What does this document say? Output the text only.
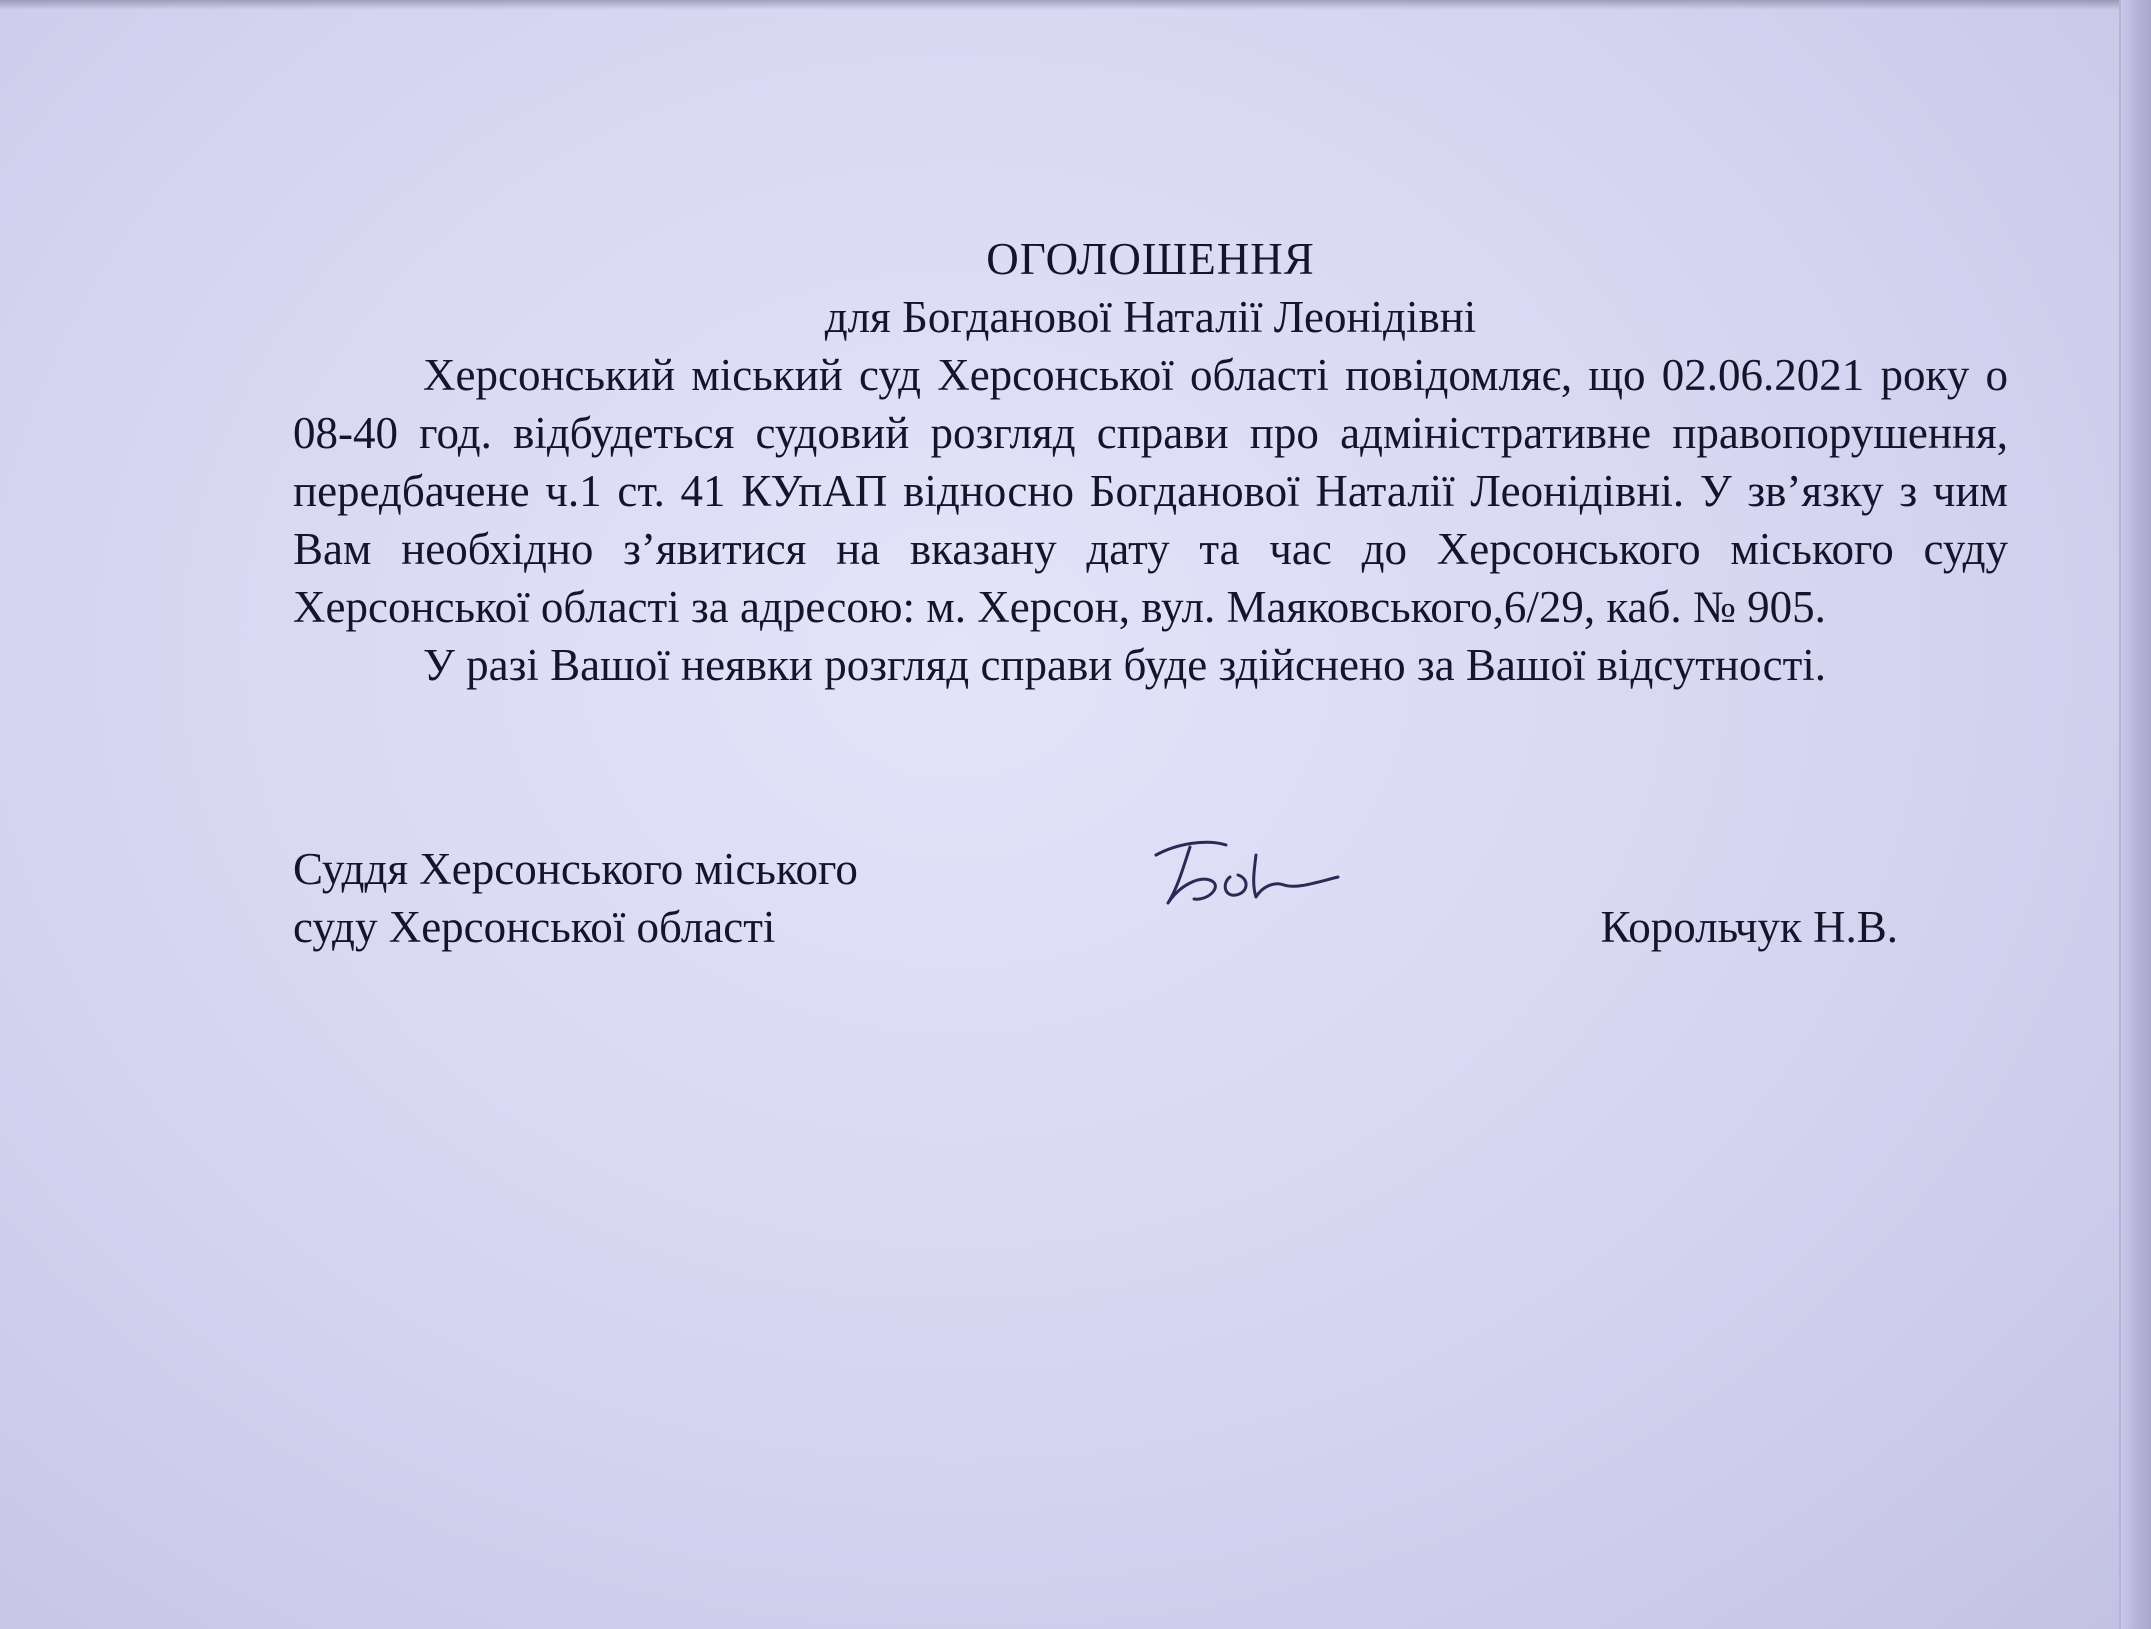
ОГОЛОШЕННЯ

для Богданової Наталії Леонідівні

Херсонський міський суд Херсонської області повідомляє, що 02.06.2021 року о 08-40 год. відбудеться судовий розгляд справи про адміністративне правопорушення, передбачене ч.1 ст. 41 КУпАП відносно Богданової Наталії Леонідівні. У зв’язку з чим Вам необхідно з’явитися на вказану дату та час до Херсонського міського суду Херсонської області за адресою: м. Херсон, вул. Маяковського,6/29, каб. № 905.

У разі Вашої неявки розгляд справи буде здійснено за Вашої відсутності.

Суддя Херсонського міського
суду Херсонської області	Корольчук Н.В.
